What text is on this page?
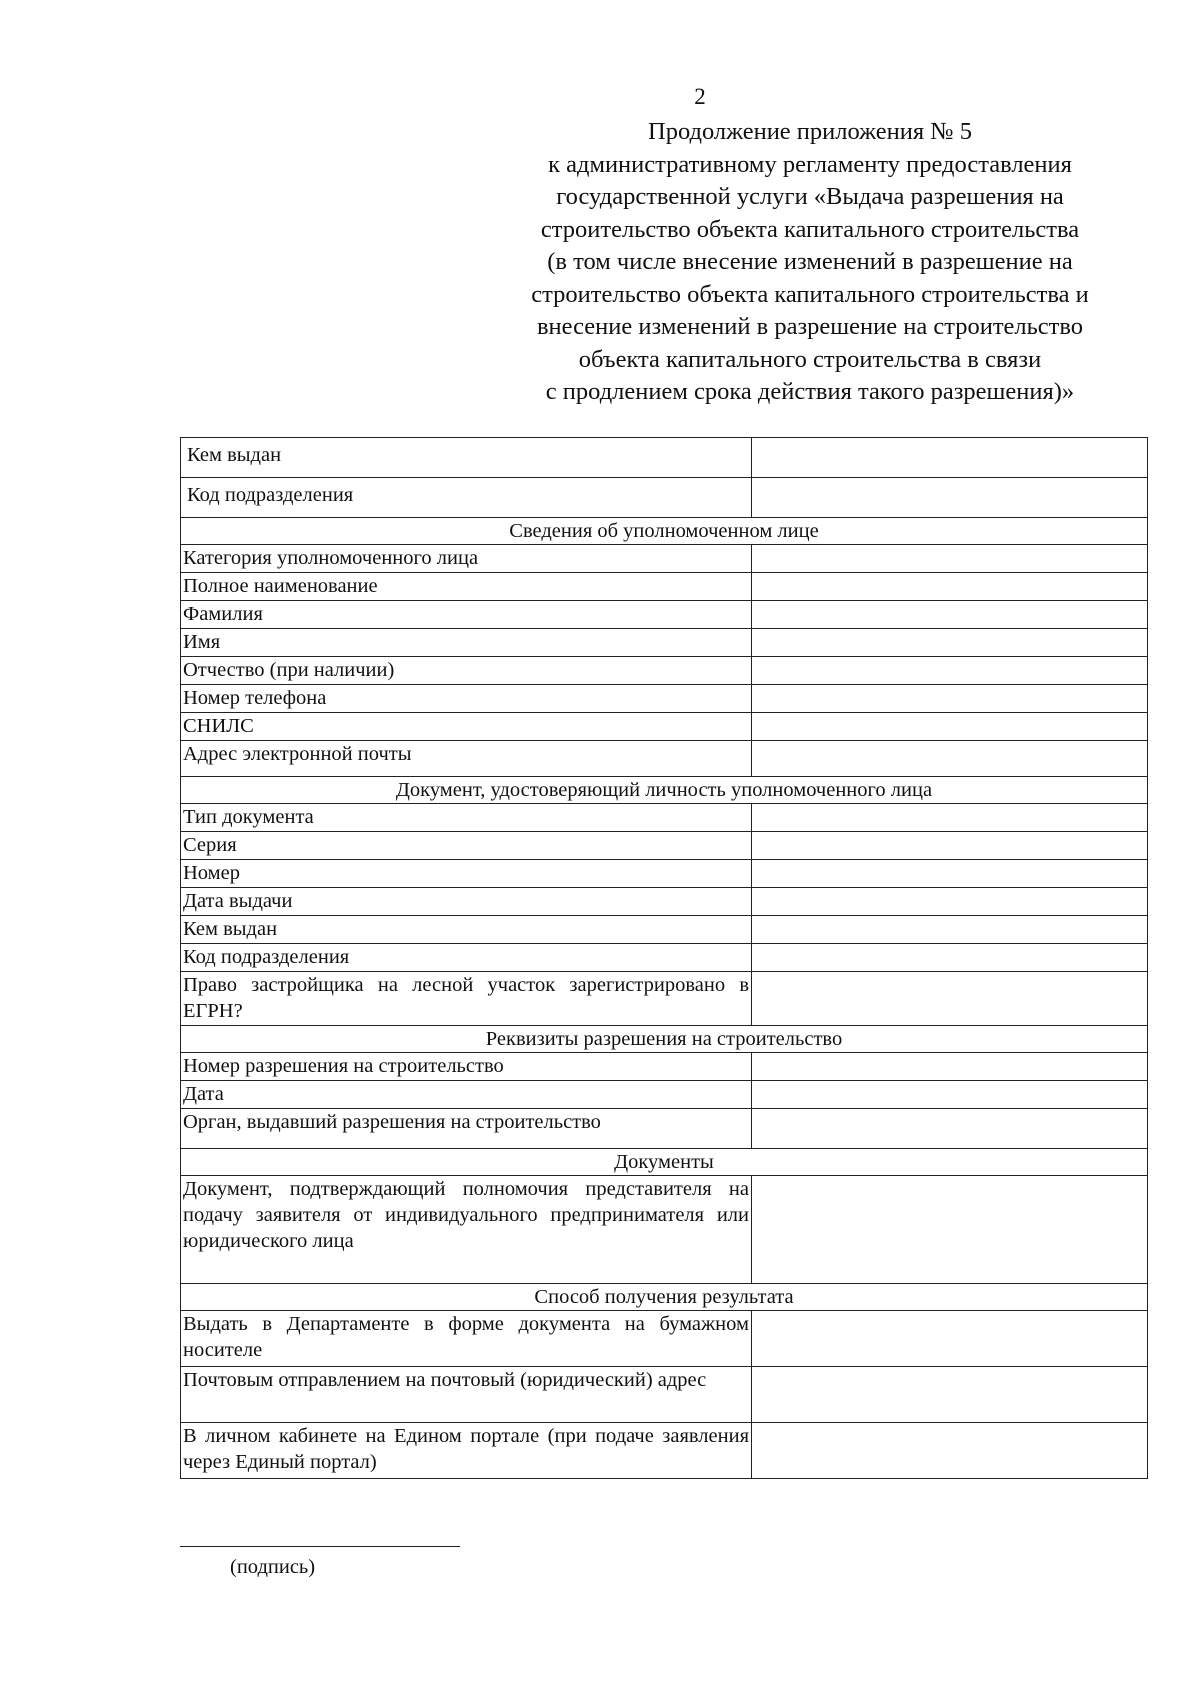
2
Продолжение приложения № 5
к административному регламенту предоставления
государственной услуги «Выдача разрешения на
строительство объекта капитального строительства
(в том числе внесение изменений в разрешение на
строительство объекта капитального строительства и
внесение изменений в разрешение на строительство
объекта капитального строительства в связи
с продлением срока действия такого разрешения)»
Кем выдан	
Код подразделения	
Сведения об уполномоченном лице	
Категория уполномоченного лица	
Полное наименование	
Фамилия	
Имя	
Отчество (при наличии)	
Номер телефона	
СНИЛС	
Адрес электронной почты	
Документ, удостоверяющий личность уполномоченного лица	
Тип документа	
Серия	
Номер	
Дата выдачи	
Кем выдан	
Код подразделения	
Право застройщика на лесной участок зарегистрировано в ЕГРН?	
Реквизиты разрешения на строительство	
Номер разрешения на строительство	
Дата	
Орган, выдавший разрешения на строительство	
Документы	
Документ, подтверждающий полномочия представителя на подачу заявителя от индивидуального предпринимателя или юридического лица	
Способ получения результата	
Выдать в Департаменте в форме документа на бумажном носителе	
Почтовым отправлением на почтовый (юридический) адрес	
В личном кабинете на Едином портале (при подаче заявления через Единый портал)	
(подпись)
